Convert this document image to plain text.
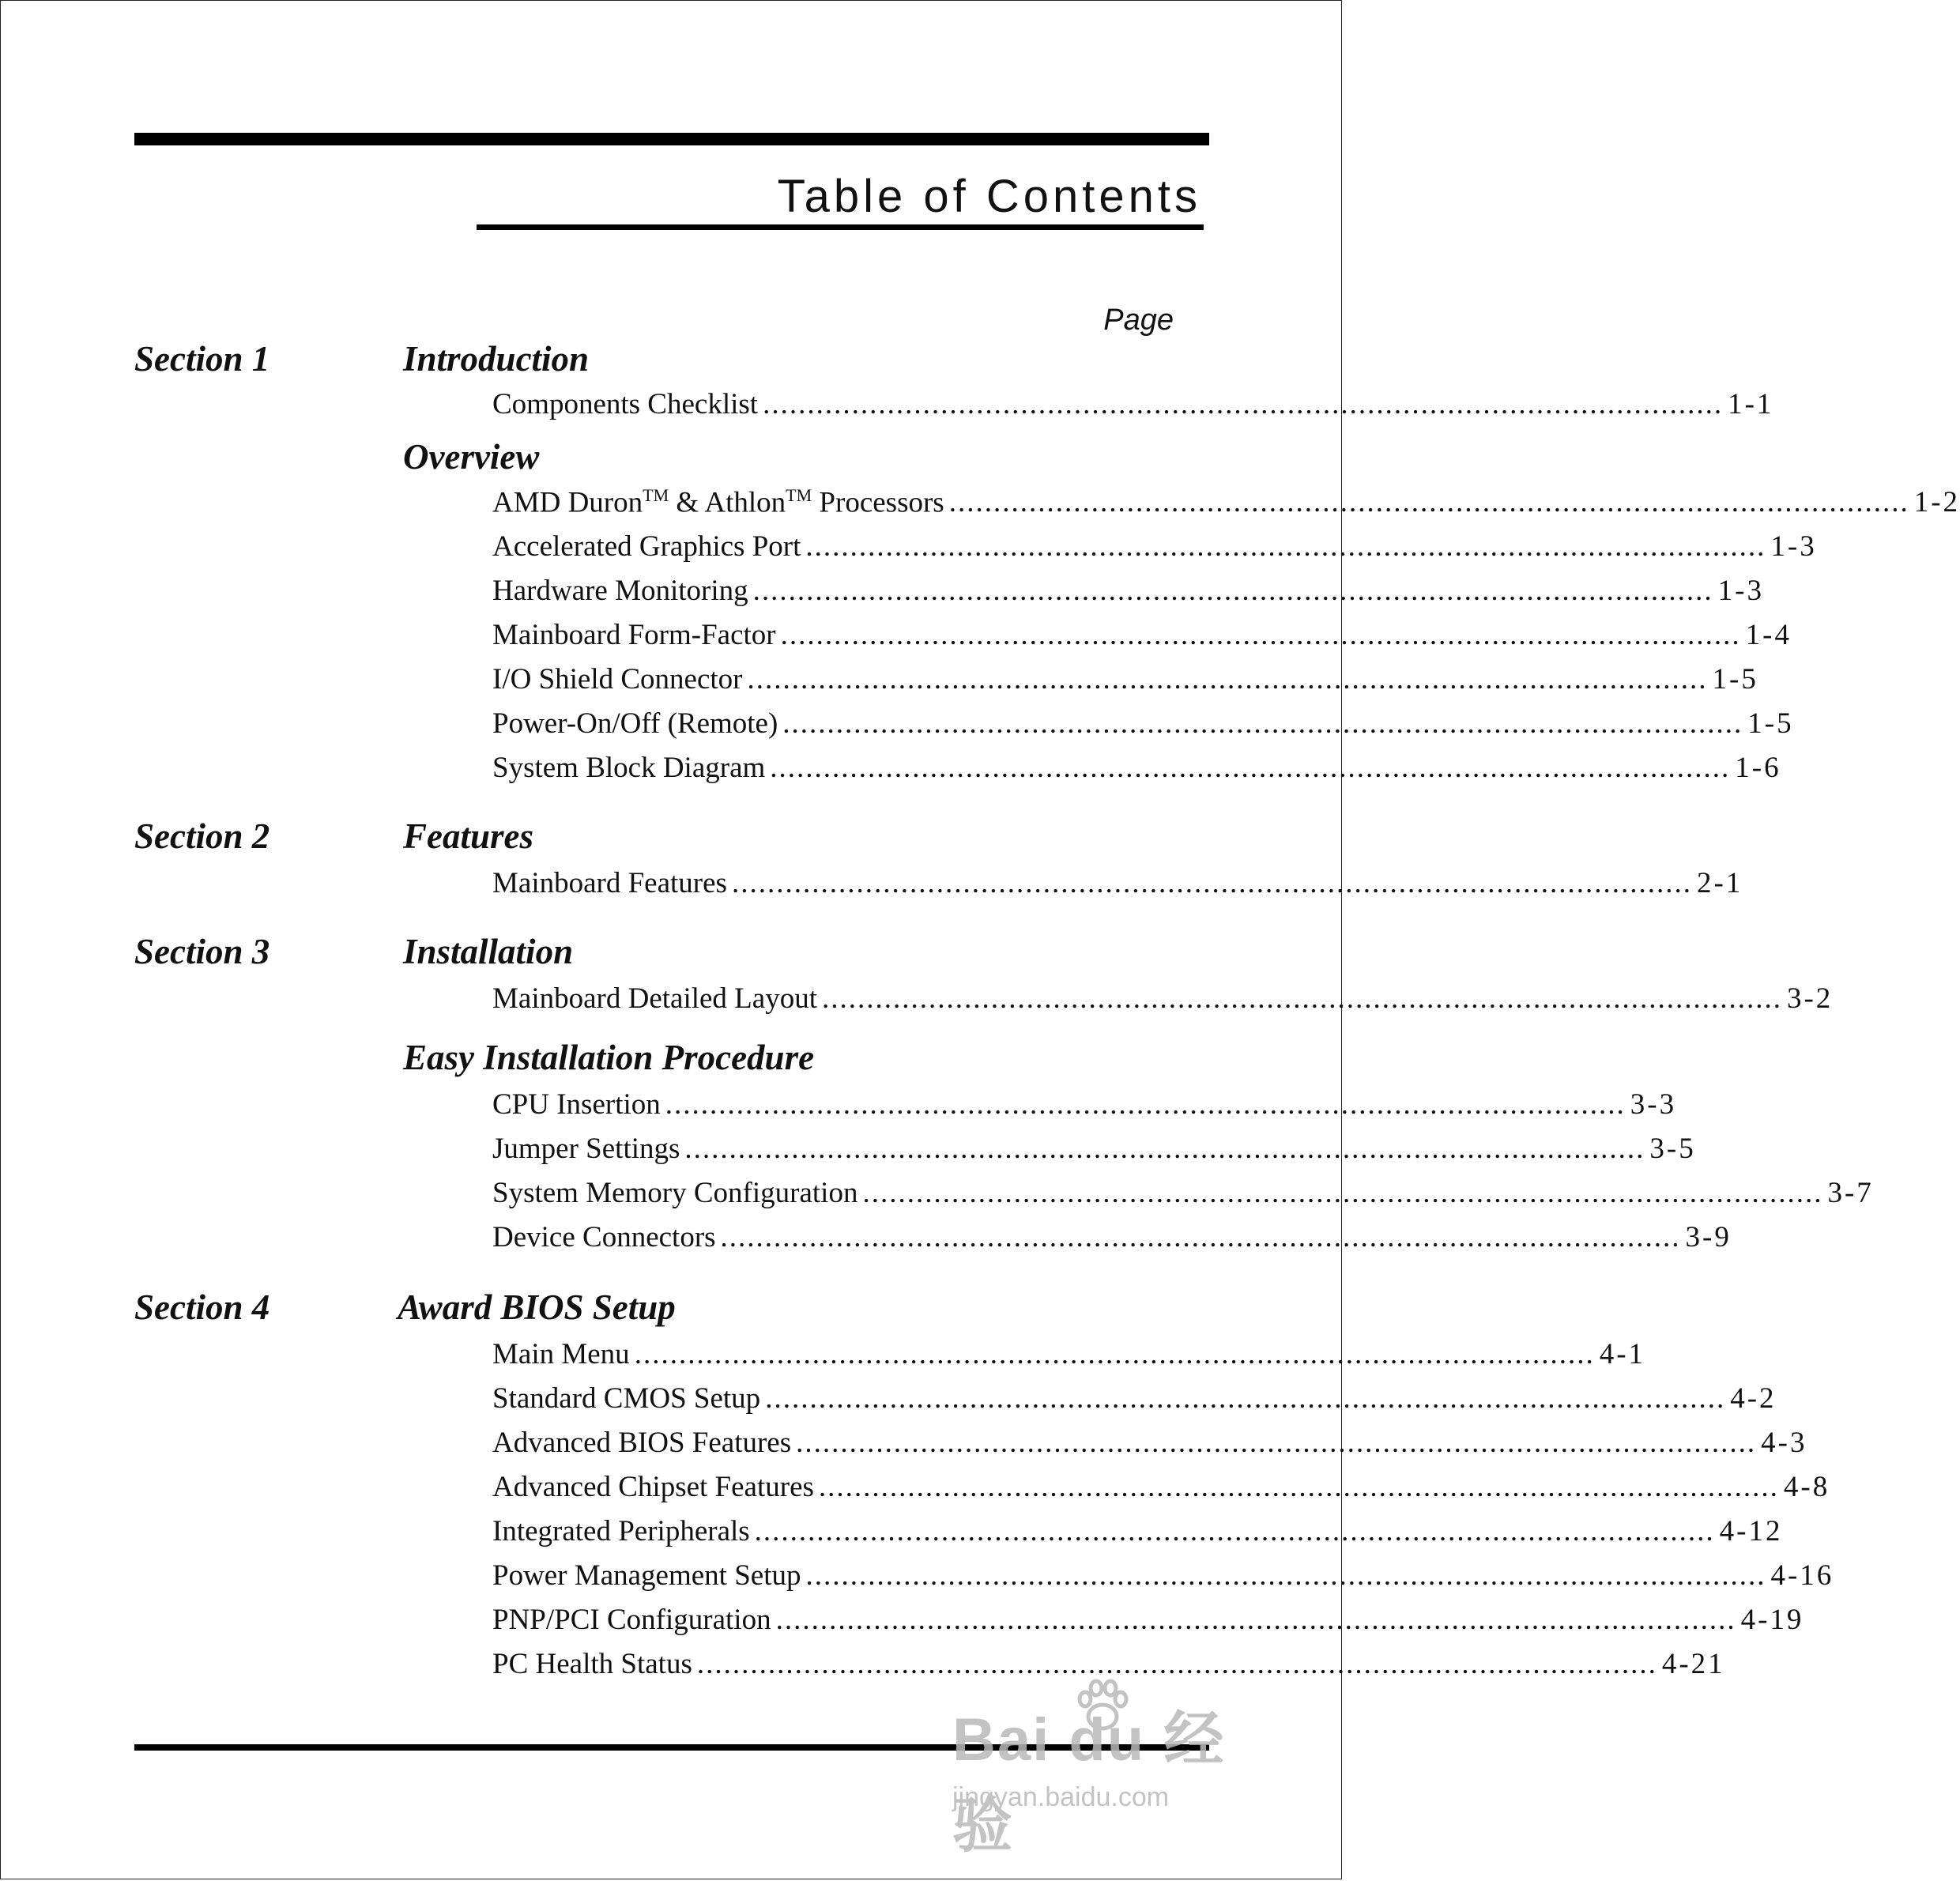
Table of Contents
Page
Section 1	Introduction
Components Checklist ............................................................................................................ 1-1
Overview
AMD Duron™ & Athlon™ Processors ............................................................................................................ 1-2
Accelerated Graphics Port ............................................................................................................ 1-3
Hardware Monitoring ............................................................................................................ 1-3
Mainboard Form-Factor ............................................................................................................ 1-4
I/O Shield Connector ............................................................................................................ 1-5
Power-On/Off (Remote) ............................................................................................................ 1-5
System Block Diagram ............................................................................................................ 1-6
Section 2	Features
Mainboard Features ............................................................................................................ 2-1
Section 3	Installation
Mainboard Detailed Layout ............................................................................................................ 3-2
Easy Installation Procedure
CPU Insertion ............................................................................................................ 3-3
Jumper Settings ............................................................................................................ 3-5
System Memory Configuration ............................................................................................................ 3-7
Device Connectors ............................................................................................................ 3-9
Section 4	Award BIOS Setup
Main Menu ............................................................................................................ 4-1
Standard CMOS Setup ............................................................................................................ 4-2
Advanced BIOS Features ............................................................................................................ 4-3
Advanced Chipset Features ............................................................................................................ 4-8
Integrated Peripherals ............................................................................................................ 4-12
Power Management Setup ............................................................................................................ 4-16
PNP/PCI Configuration ............................................................................................................ 4-19
PC Health Status ............................................................................................................ 4-21
Bai du 经验
jingyan.baidu.com
